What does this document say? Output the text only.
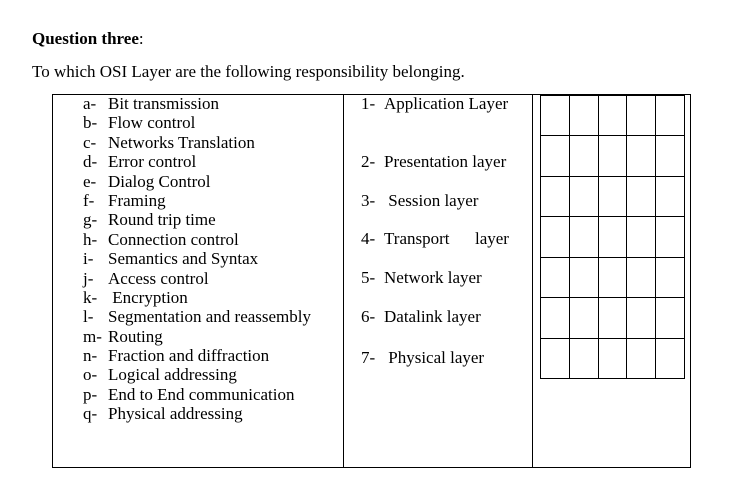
Question three:
To which OSI Layer are the following responsibility belonging.
a- Bit transmission
b- Flow control
c- Networks Translation
d- Error control
e- Dialog Control
f- Framing
g- Round trip time
h- Connection control
i- Semantics and Syntax
j- Access control
k- Encryption
l- Segmentation and reassembly
m- Routing
n- Fraction and diffraction
o- Logical addressing
p- End to End communication
q- Physical addressing
1- Application Layer
2- Presentation layer
3- Session layer
4- Transport      layer
5- Network layer
6- Datalink layer
7- Physical layer
